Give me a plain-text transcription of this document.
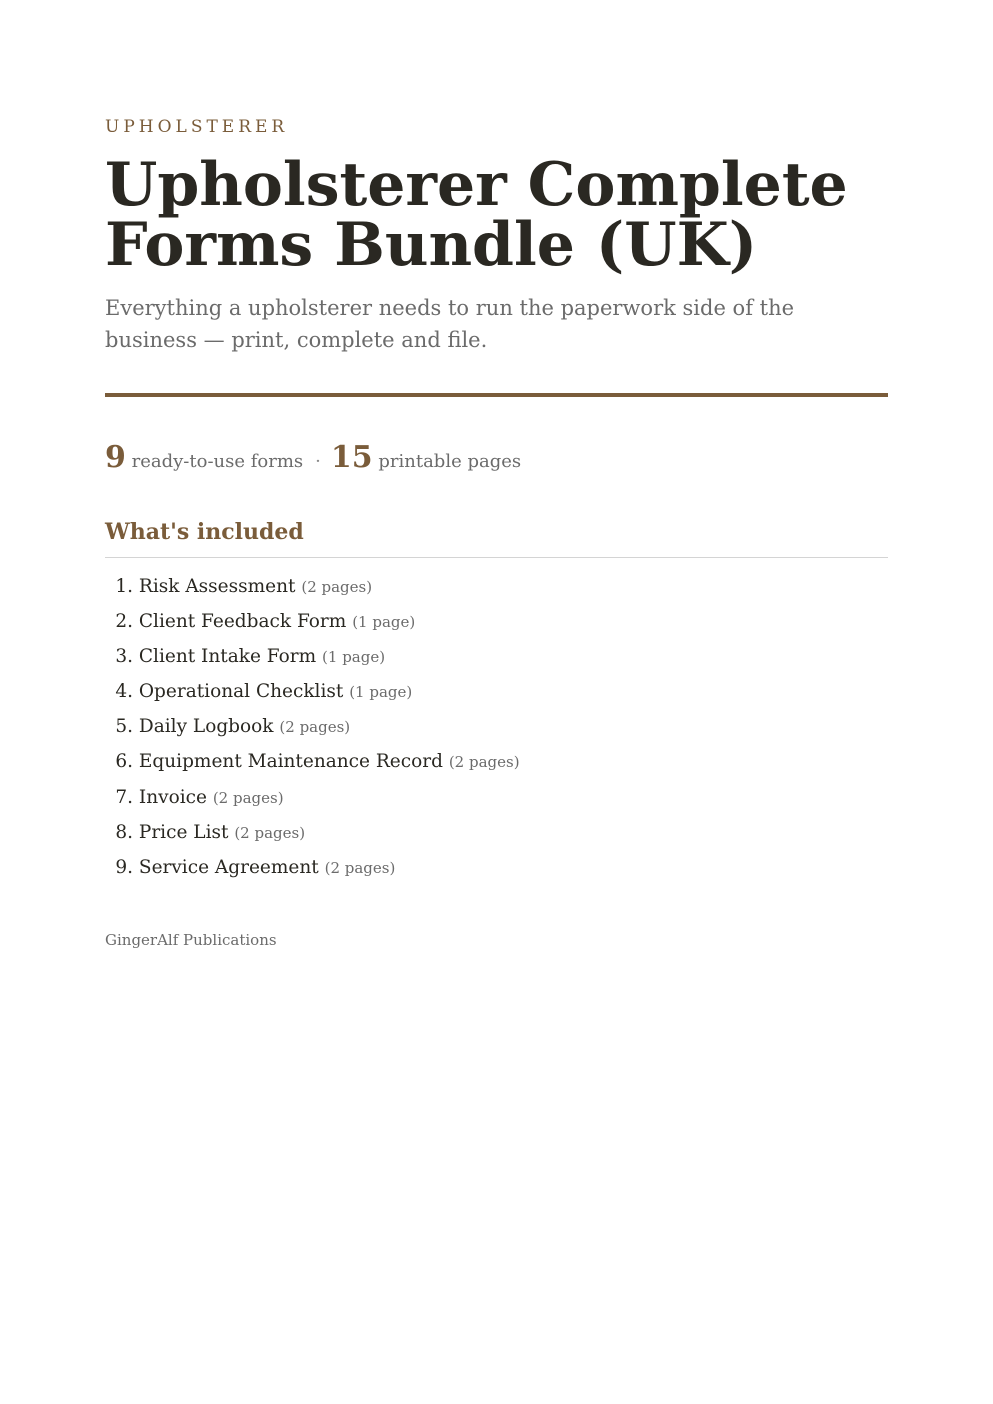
UPHOLSTERER
Upholsterer Complete Forms Bundle (UK)

Everything a upholsterer needs to run the paperwork side of the business — print, complete and file.

9 ready-to-use forms · 15 printable pages
What's included
1. Risk Assessment (2 pages)
2. Client Feedback Form (1 page)
3. Client Intake Form (1 page)
4. Operational Checklist (1 page)
5. Daily Logbook (2 pages)
6. Equipment Maintenance Record (2 pages)
7. Invoice (2 pages)
8. Price List (2 pages)
9. Service Agreement (2 pages)
GingerAlf Publications
